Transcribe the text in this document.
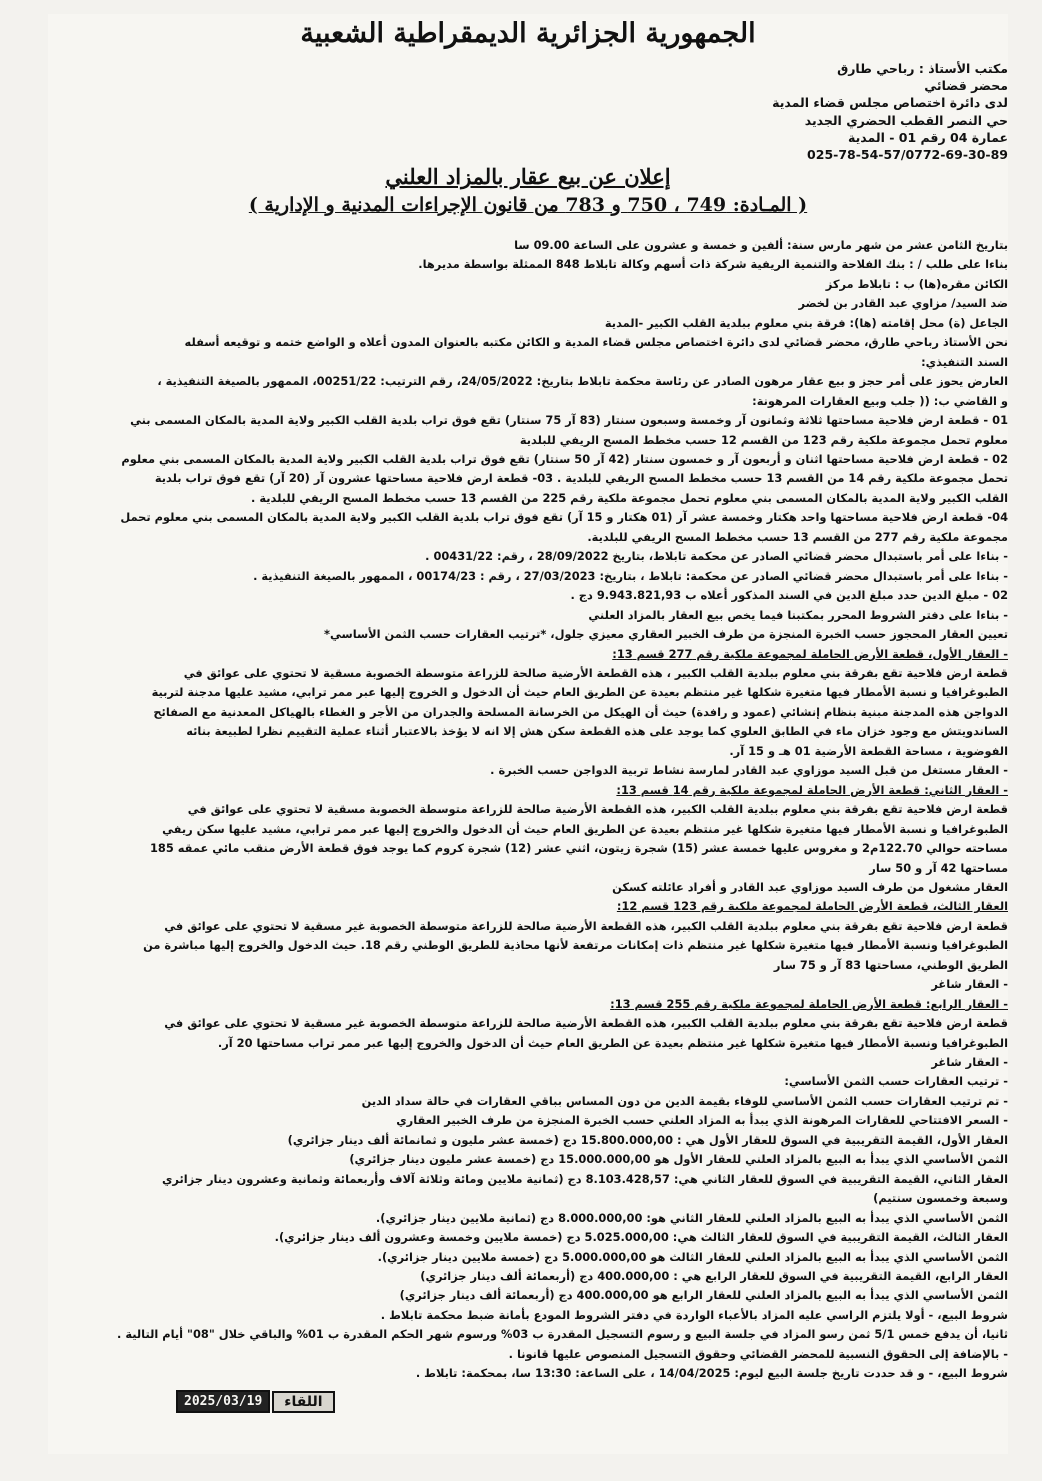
الجمهورية الجزائرية الديمقراطية الشعبية
مكتب الأستاذ : رباحي طارق
محضر قضائي
لدى دائرة اختصاص مجلس قضاء المدية
حي النصر القطب الحضري الجديد
عمارة 04 رقم 01 - المدية
025-78-54-57/0772-69-30-89
إعلان عن بيع عقار بالمزاد العلني
( المـادة: 749 ، 750 و 783 من قانون الإجراءات المدنية و الإدارية )

بتاريخ الثامن عشر من شهر مارس سنة: ألفين و خمسة و عشرون على الساعة 09.00 سا

بناءا على طلب / : بنك الفلاحة والتنمية الريفية شركة ذات أسهم وكالة تابلاط 848 الممثلة بواسطة مديرها.

الكائن مقره(ها) ب : تابلاط مركز

ضد السيد/ مزاوي عبد القادر بن لخضر

الجاعل (ة) محل إقامته (ها): فرقة بني معلوم ببلدية القلب الكبير -المدية

نحن الأستاذ رباحي طارق، محضر قضائي لدى دائرة اختصاص مجلس قضاء المدية و الكائن مكتبه بالعنوان المدون أعلاه و الواضع ختمه و توقيعه أسفله

السند التنفيذي:

العارض يحوز على أمر حجز و بيع عقار مرهون الصادر عن رئاسة محكمة تابلاط بتاريخ: 24/05/2022، رقم الترتيب: 00251/22، الممهور بالصيغة التنفيذية ،

و القاضي ب: (( جلب وبيع العقارات المرهونة:

01 - قطعة ارض فلاحية مساحتها ثلاثة وثمانون آر وخمسة وسبعون سنتار (83 آر 75 سنتار) تقع فوق تراب بلدية القلب الكبير ولاية المدية بالمكان المسمى بني

معلوم تحمل مجموعة ملكية رقم 123 من القسم 12 حسب مخطط المسح الريفي للبلدية

02 - قطعة ارض فلاحية مساحتها اثنان و أربعون آر و خمسون سنتار (42 آر 50 سنتار) تقع فوق تراب بلدية القلب الكبير ولاية المدية بالمكان المسمى بني معلوم

تحمل مجموعة ملكية رقم 14 من القسم 13 حسب مخطط المسح الريفي للبلدية . 03- قطعة ارض فلاحية مساحتها عشرون آر (20 آر) تقع فوق تراب بلدية

القلب الكبير ولاية المدية بالمكان المسمى بني معلوم تحمل مجموعة ملكية رقم 225 من القسم 13 حسب مخطط المسح الريفي للبلدية .

04- قطعة ارض فلاحية مساحتها واحد هكتار وخمسة عشر آر (01 هكتار و 15 آر) تقع فوق تراب بلدية القلب الكبير ولاية المدية بالمكان المسمى بني معلوم تحمل

مجموعة ملكية رقم 277 من القسم 13 حسب مخطط المسح الريفي للبلدية.

- بناءا على أمر باستبدال محضر قضائي الصادر عن محكمة تابلاط، بتاريخ 28/09/2022 ، رقم: 00431/22 .

- بناءا على أمر باستبدال محضر قضائي الصادر عن محكمة: تابلاط ، بتاريخ: 27/03/2023 ، رقم : 00174/23 ، الممهور بالصيغة التنفيذية .

02 - مبلغ الدين حدد مبلغ الدين في السند المذكور أعلاه ب 9.943.821,93 دج .

- بناءا على دفتر الشروط المحرر بمكتبنا فيما يخص بيع العقار بالمزاد العلني

تعيين العقار المحجوز حسب الخبرة المنجزة من طرف الخبير العقاري معيزي جلول، *ترتيب العقارات حسب الثمن الأساسي*

- العقار الأول، قطعة الأرض الحاملة لمجموعة ملكية رقم 277 قسم 13:

قطعة ارض فلاحية تقع بفرقة بني معلوم ببلدية القلب الكبير ، هذه القطعة الأرضية صالحة للزراعة متوسطة الخصوبة مسقية لا تحتوي على عوائق في

الطبوغرافيا و نسبة الأمطار فيها متغيرة شكلها غير منتظم بعيدة عن الطريق العام حيث أن الدخول و الخروج إليها عبر ممر ترابي، مشيد عليها مدجنة لتربية

الدواجن هذه المدجنة مبنية بنظام إنشائي (عمود و رافدة) حيث أن الهيكل من الخرسانة المسلحة والجدران من الأجر و الغطاء بالهياكل المعدنية مع الصفائح

الساندويتش مع وجود خزان ماء في الطابق العلوي كما يوجد على هذه القطعة سكن هش إلا انه لا يؤخذ بالاعتبار أثناء عملية التقييم نظرا لطبيعة بنائه

الفوضوية ، مساحة القطعة الأرضية 01 هـ و 15 آر.

- العقار مستغل من قبل السيد موزاوي عبد القادر لمارسة نشاط تربية الدواجن حسب الخبرة .

- العقار الثاني: قطعة الأرض الحاملة لمجموعة ملكية رقم 14 قسم 13:

قطعة ارض فلاحية تقع بفرقة بني معلوم ببلدية القلب الكبير، هذه القطعة الأرضية صالحة للزراعة متوسطة الخصوبة مسقية لا تحتوي على عوائق في

الطبوغرافيا و نسبة الأمطار فيها متغيرة شكلها غير منتظم بعيدة عن الطريق العام حيث أن الدخول والخروج إليها عبر ممر ترابي، مشيد عليها سكن ريفي

مساحته حوالي 122.70م2 و مغروس عليها خمسة عشر (15) شجرة زيتون، اثني عشر (12) شجرة كروم كما يوجد فوق قطعة الأرض منقب مائي عمقه 185

مساحتها 42 آر و 50 سار

العقار مشغول من طرف السيد موزاوي عبد القادر و أفراد عائلته كسكن

العقار الثالث، قطعة الأرض الحاملة لمجموعة ملكية رقم 123 قسم 12:

قطعة ارض فلاحية تقع بفرقة بني معلوم ببلدية القلب الكبير، هذه القطعة الأرضية صالحة للزراعة متوسطة الخصوبة غير مسقية لا تحتوي على عوائق في

الطبوغرافيا ونسبة الأمطار فيها متغيرة شكلها غير منتظم ذات إمكانات مرتفعة لأنها محاذية للطريق الوطني رقم 18. حيث الدخول والخروج إليها مباشرة من

الطريق الوطني، مساحتها 83 آر و 75 سار

- العقار شاغر

- العقار الرابع: قطعة الأرض الحاملة لمجموعة ملكية رقم 255 قسم 13:

قطعة ارض فلاحية تقع بفرقة بني معلوم ببلدية القلب الكبير، هذه القطعة الأرضية صالحة للزراعة متوسطة الخصوبة غير مسقية لا تحتوي على عوائق في

الطبوغرافيا ونسبة الأمطار فيها متغيرة شكلها غير منتظم بعيدة عن الطريق العام حيث أن الدخول والخروج إليها عبر ممر تراب مساحتها 20 آر.

- العقار شاغر

- ترتيب العقارات حسب الثمن الأساسي:

- تم ترتيب العقارات حسب الثمن الأساسي للوفاء بقيمة الدين من دون المساس بباقي العقارات في حالة سداد الدين

- السعر الافتتاحي للعقارات المرهونة الذي يبدأ به المزاد العلني حسب الخبرة المنجزة من طرف الخبير العقاري

العقار الأول، القيمة التقريبية في السوق للعقار الأول هي : 15.800.000,00 دج (خمسة عشر مليون و ثمانمائة ألف دينار جزائري)

الثمن الأساسي الذي يبدأ به البيع بالمزاد العلني للعقار الأول هو 15.000.000,00 دج (خمسة عشر مليون دينار جزائري)

العقار الثاني، القيمة التقريبية في السوق للعقار الثاني هي: 8.103.428,57 دج (ثمانية ملايين ومائة وثلاثة آلاف وأربعمائة وثمانية وعشرون دينار جزائري

وسبعة وخمسون سنتيم)

الثمن الأساسي الذي يبدأ به البيع بالمزاد العلني للعقار الثاني هو: 8.000.000,00 دج (ثمانية ملايين دينار جزائري).

العقار الثالث، القيمة التقريبية في السوق للعقار الثالث هي: 5.025.000,00 دج (خمسة ملايين وخمسة وعشرون ألف دينار جزائري).

الثمن الأساسي الذي يبدأ به البيع بالمزاد العلني للعقار الثالث هو 5.000.000,00 دج (خمسة ملايين دينار جزائري).

العقار الرابع، القيمة التقريبية في السوق للعقار الرابع هي : 400.000,00 دج (أربعمائة ألف دينار جزائري)

الثمن الأساسي الذي يبدأ به البيع بالمزاد العلني للعقار الرابع هو 400.000,00 دج (أربعمائة ألف دينار جزائري)

شروط البيع، - أولا يلتزم الراسي عليه المزاد بالأعباء الواردة في دفتر الشروط المودع بأمانة ضبط محكمة تابلاط .

ثانيا، أن يدفع خمس 5/1 ثمن رسو المزاد في جلسة البيع و رسوم التسجيل المقدرة ب 03% ورسوم شهر الحكم المقدرة ب 01% والباقي خلال "08" أيام التالية .

- بالإضافة إلى الحقوق النسبية للمحضر القضائي وحقوق التسجيل المنصوص عليها قانونا .

شروط البيع، - و قد حددت تاريخ جلسة البيع ليوم: 14/04/2025 ، على الساعة: 13:30 سا، بمحكمة: تابلاط .

2025/03/19	اللقاء
